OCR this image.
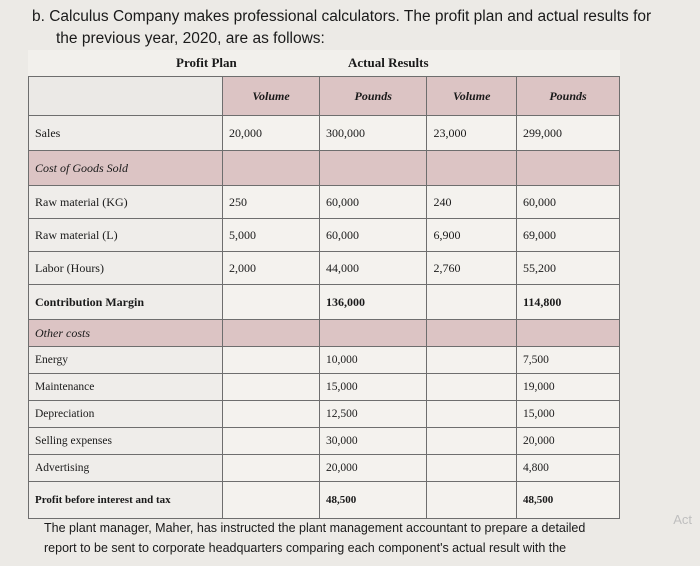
b. Calculus Company makes professional calculators. The profit plan and actual results for
the previous year, 2020, are as follows:
Profit Plan	Actual Results
	Volume	Pounds	Volume	Pounds
Sales	20,000	300,000	23,000	299,000
Cost of Goods Sold				
Raw material (KG)	250	60,000	240	60,000
Raw material (L)	5,000	60,000	6,900	69,000
Labor (Hours)	2,000	44,000	2,760	55,200
Contribution Margin		136,000		114,800
Other costs				
Energy		10,000		7,500
Maintenance		15,000		19,000
Depreciation		12,500		15,000
Selling expenses		30,000		20,000
Advertising		20,000		4,800
Profit before interest and tax		48,500		48,500
The plant manager, Maher, has instructed the plant management accountant to prepare a detailed
report to be sent to corporate headquarters comparing each component's actual result with the
Act
